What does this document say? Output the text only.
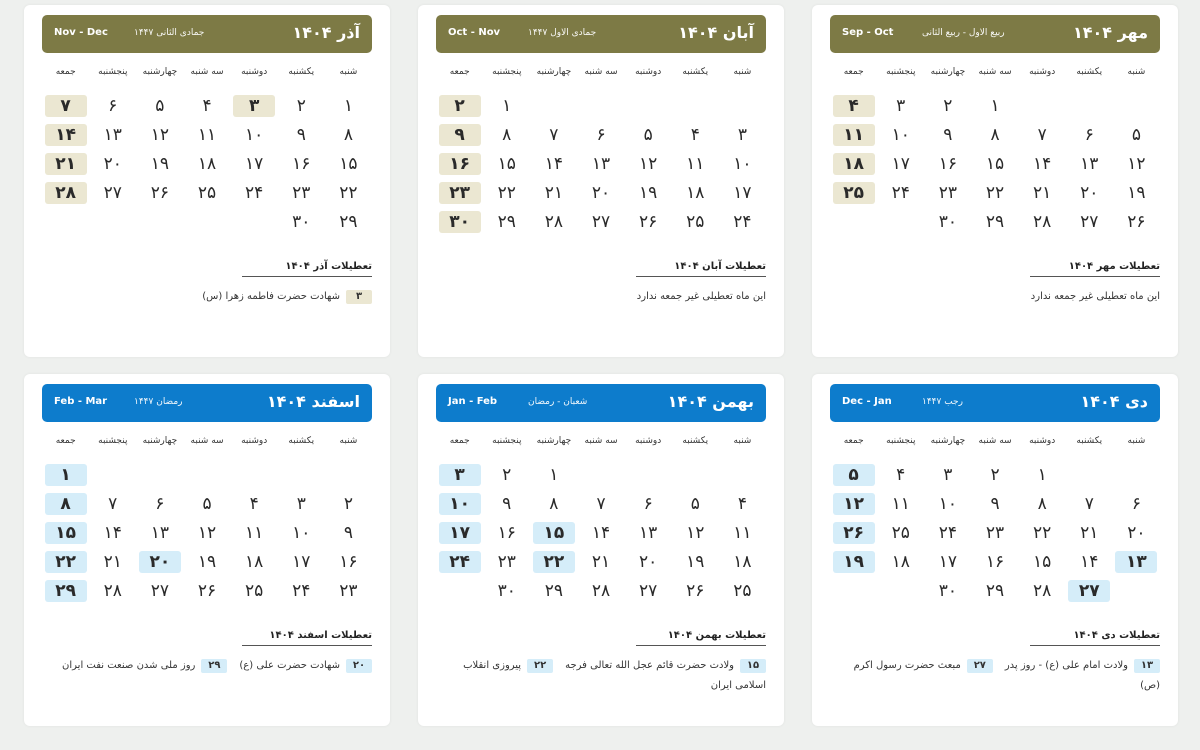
مهر ۱۴۰۴
ربیع الاول - ربیع الثانی
Sep - Oct
شنبه
یکشنبه
دوشنبه
سه شنبه
چهارشنبه
پنجشنبه
جمعه
۱
۲
۳
۴
۵
۶
۷
۸
۹
۱۰
۱۱
۱۲
۱۳
۱۴
۱۵
۱۶
۱۷
۱۸
۱۹
۲۰
۲۱
۲۲
۲۳
۲۴
۲۵
۲۶
۲۷
۲۸
۲۹
۳۰
تعطیلات مهر ۱۴۰۴
این ماه تعطیلی غیر جمعه ندارد
آبان ۱۴۰۴
جمادی الاول ۱۴۴۷
Oct - Nov
شنبه
یکشنبه
دوشنبه
سه شنبه
چهارشنبه
پنجشنبه
جمعه
۱
۲
۳
۴
۵
۶
۷
۸
۹
۱۰
۱۱
۱۲
۱۳
۱۴
۱۵
۱۶
۱۷
۱۸
۱۹
۲۰
۲۱
۲۲
۲۳
۲۴
۲۵
۲۶
۲۷
۲۸
۲۹
۳۰
تعطیلات آبان ۱۴۰۴
این ماه تعطیلی غیر جمعه ندارد
آذر ۱۴۰۴
جمادی الثانی ۱۴۴۷
Nov - Dec
شنبه
یکشنبه
دوشنبه
سه شنبه
چهارشنبه
پنجشنبه
جمعه
۱
۲
۳
۴
۵
۶
۷
۸
۹
۱۰
۱۱
۱۲
۱۳
۱۴
۱۵
۱۶
۱۷
۱۸
۱۹
۲۰
۲۱
۲۲
۲۳
۲۴
۲۵
۲۶
۲۷
۲۸
۲۹
۳۰
تعطیلات آذر ۱۴۰۴
۳شهادت حضرت فاطمه زهرا (س)
دی ۱۴۰۴
رجب ۱۴۴۷
Dec - Jan
شنبه
یکشنبه
دوشنبه
سه شنبه
چهارشنبه
پنجشنبه
جمعه
۱
۲
۳
۴
۵
۶
۷
۸
۹
۱۰
۱۱
۱۲
۲۰
۲۱
۲۲
۲۳
۲۴
۲۵
۲۶
۱۳
۱۴
۱۵
۱۶
۱۷
۱۸
۱۹
۲۷
۲۸
۲۹
۳۰
تعطیلات دی ۱۴۰۴
۱۳ولادت امام علی (ع) - روز پدر۲۷مبعث حضرت رسول اکرم (ص)
بهمن ۱۴۰۴
شعبان - رمضان
Jan - Feb
شنبه
یکشنبه
دوشنبه
سه شنبه
چهارشنبه
پنجشنبه
جمعه
۱
۲
۳
۴
۵
۶
۷
۸
۹
۱۰
۱۱
۱۲
۱۳
۱۴
۱۵
۱۶
۱۷
۱۸
۱۹
۲۰
۲۱
۲۲
۲۳
۲۴
۲۵
۲۶
۲۷
۲۸
۲۹
۳۰
تعطیلات بهمن ۱۴۰۴
۱۵ولادت حضرت قائم عجل الله تعالی فرجه۲۲پیروزی انقلاب اسلامی ایران
اسفند ۱۴۰۴
رمضان ۱۴۴۷
Feb - Mar
شنبه
یکشنبه
دوشنبه
سه شنبه
چهارشنبه
پنجشنبه
جمعه
۱
۲
۳
۴
۵
۶
۷
۸
۹
۱۰
۱۱
۱۲
۱۳
۱۴
۱۵
۱۶
۱۷
۱۸
۱۹
۲۰
۲۱
۲۲
۲۳
۲۴
۲۵
۲۶
۲۷
۲۸
۲۹
تعطیلات اسفند ۱۴۰۴
۲۰شهادت حضرت علی (ع)۲۹روز ملی شدن صنعت نفت ایران
